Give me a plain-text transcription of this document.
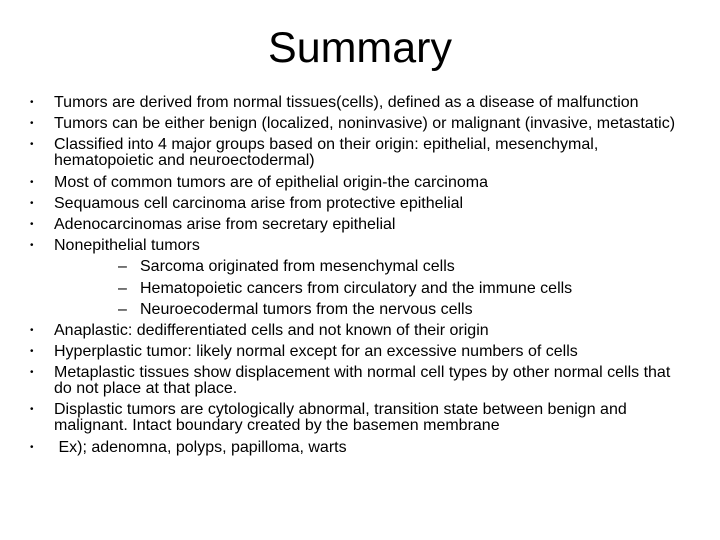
Summary
• Tumors are derived from normal tissues(cells), defined as a disease of malfunction
• Tumors can be either benign (localized, noninvasive) or malignant (invasive, metastatic)
• Classified into 4 major groups based on their origin: epithelial, mesenchymal, hematopoietic and neuroectodermal)
• Most of common tumors are of epithelial origin-the carcinoma
• Sequamous cell carcinoma arise from protective epithelial
• Adenocarcinomas arise from secretary epithelial
• Nonepithelial tumors
– Sarcoma originated from mesenchymal cells
– Hematopoietic cancers from circulatory and the immune cells
– Neuroecodermal tumors from the nervous cells
• Anaplastic: dedifferentiated cells and not known of their origin
• Hyperplastic tumor: likely normal except for an excessive numbers of cells
• Metaplastic tissues show displacement with normal cell types by other normal cells that do not place at that place.
• Displastic tumors are cytologically abnormal, transition state between benign and malignant. Intact boundary created by the basemen membrane
• Ex); adenomna, polyps, papilloma, warts
